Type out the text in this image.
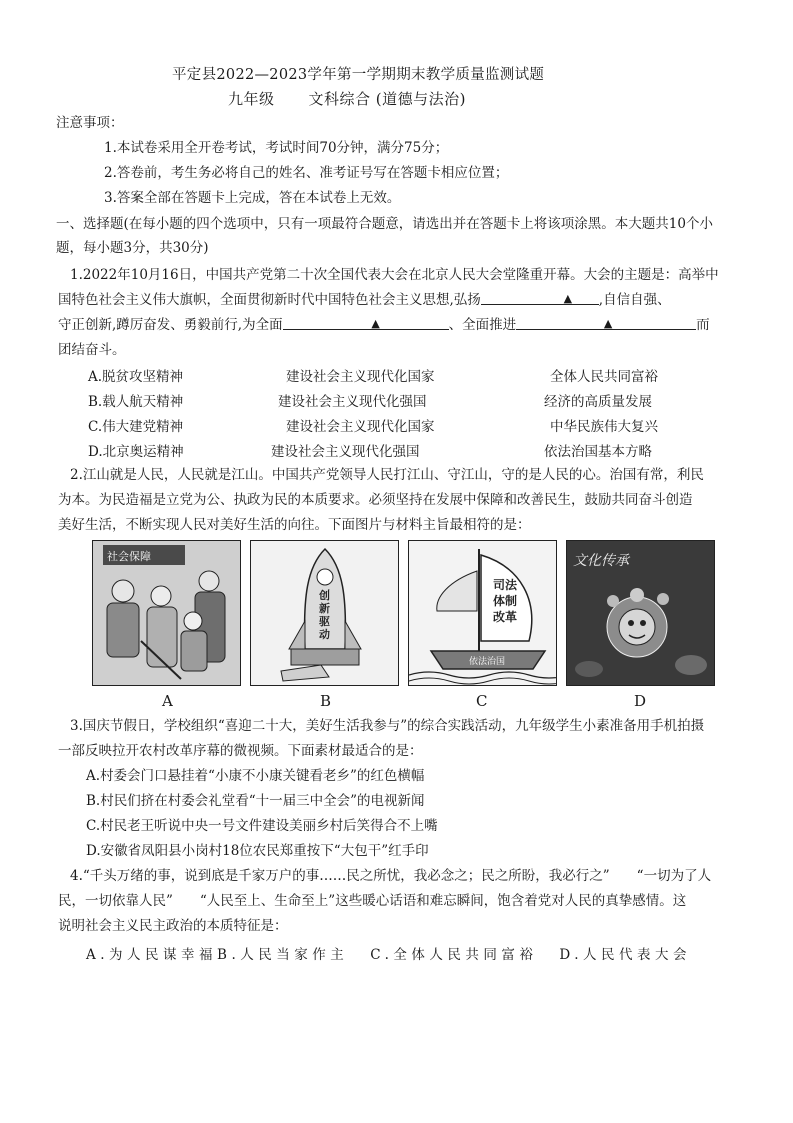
平定县2022—2023学年第一学期期末教学质量监测试题
九年级 文科综合 (道德与法治)
注意事项：
1.本试卷采用全开卷考试，考试时间70分钟，满分75分；
2.答卷前，考生务必将自己的姓名、准考证号写在答题卡相应位置；
3.答案全部在答题卡上完成，答在本试卷上无效。
一、选择题(在每小题的四个选项中，只有一项最符合题意，请选出并在答题卡上将该项涂黑。本大题共10个小
题，每小题3分，共30分)
1.2022年10月16日，中国共产党第二十次全国代表大会在北京人民大会堂隆重开幕。大会的主题是：高举中
国特色社会主义伟大旗帜，全面贯彻新时代中国特色社会主义思想,弘扬	▲ ,自信自强、
守正创新,蹲厉奋发、勇毅前行,为全面	▲	、全面推进	▲	而
团结奋斗。
A.脱贫攻坚精神	建设社会主义现代化国家	全体人民共同富裕
B.载人航天精神	建设社会主义现代化强国	经济的高质量发展
C.伟大建党精神	建设社会主义现代化国家	中华民族伟大复兴
D.北京奥运精神	建设社会主义现代化强国	依法治国基本方略
2.江山就是人民，人民就是江山。中国共产党领导人民打江山、守江山，守的是人民的心。治国有常，利民
为本。为民造福是立党为公、执政为民的本质要求。必须坚持在发展中保障和改善民生，鼓励共同奋斗创造
美好生活，不断实现人民对美好生活的向往。下面图片与材料主旨最相符的是：
社会保障
A
创 新 驱 动
B
司法 体制 改革
依法治国
C
文化传承
D
3.国庆节假日，学校组织“喜迎二十大，美好生活我参与”的综合实践活动，九年级学生小素准备用手机拍摄
一部反映拉开农村改革序幕的微视频。下面素材最适合的是：
A.村委会门口悬挂着“小康不小康关键看老乡”的红色横幅
B.村民们挤在村委会礼堂看“十一届三中全会”的电视新闻
C.村民老王听说中央一号文件建设美丽乡村后笑得合不上嘴
D.安徽省凤阳县小岗村18位农民郑重按下“大包干”红手印
4.“千头万绪的事，说到底是千家万户的事……民之所忧，我必念之；民之所盼，我必行之”　　“一切为了人
民，一切依靠人民”　　“人民至上、生命至上”这些暖心话语和难忘瞬间，饱含着党对人民的真挚感情。这
说明社会主义民主政治的本质特征是：
A.为人民谋幸福B.人民当家作主 C.全体人民共同富裕 D.人民代表大会
